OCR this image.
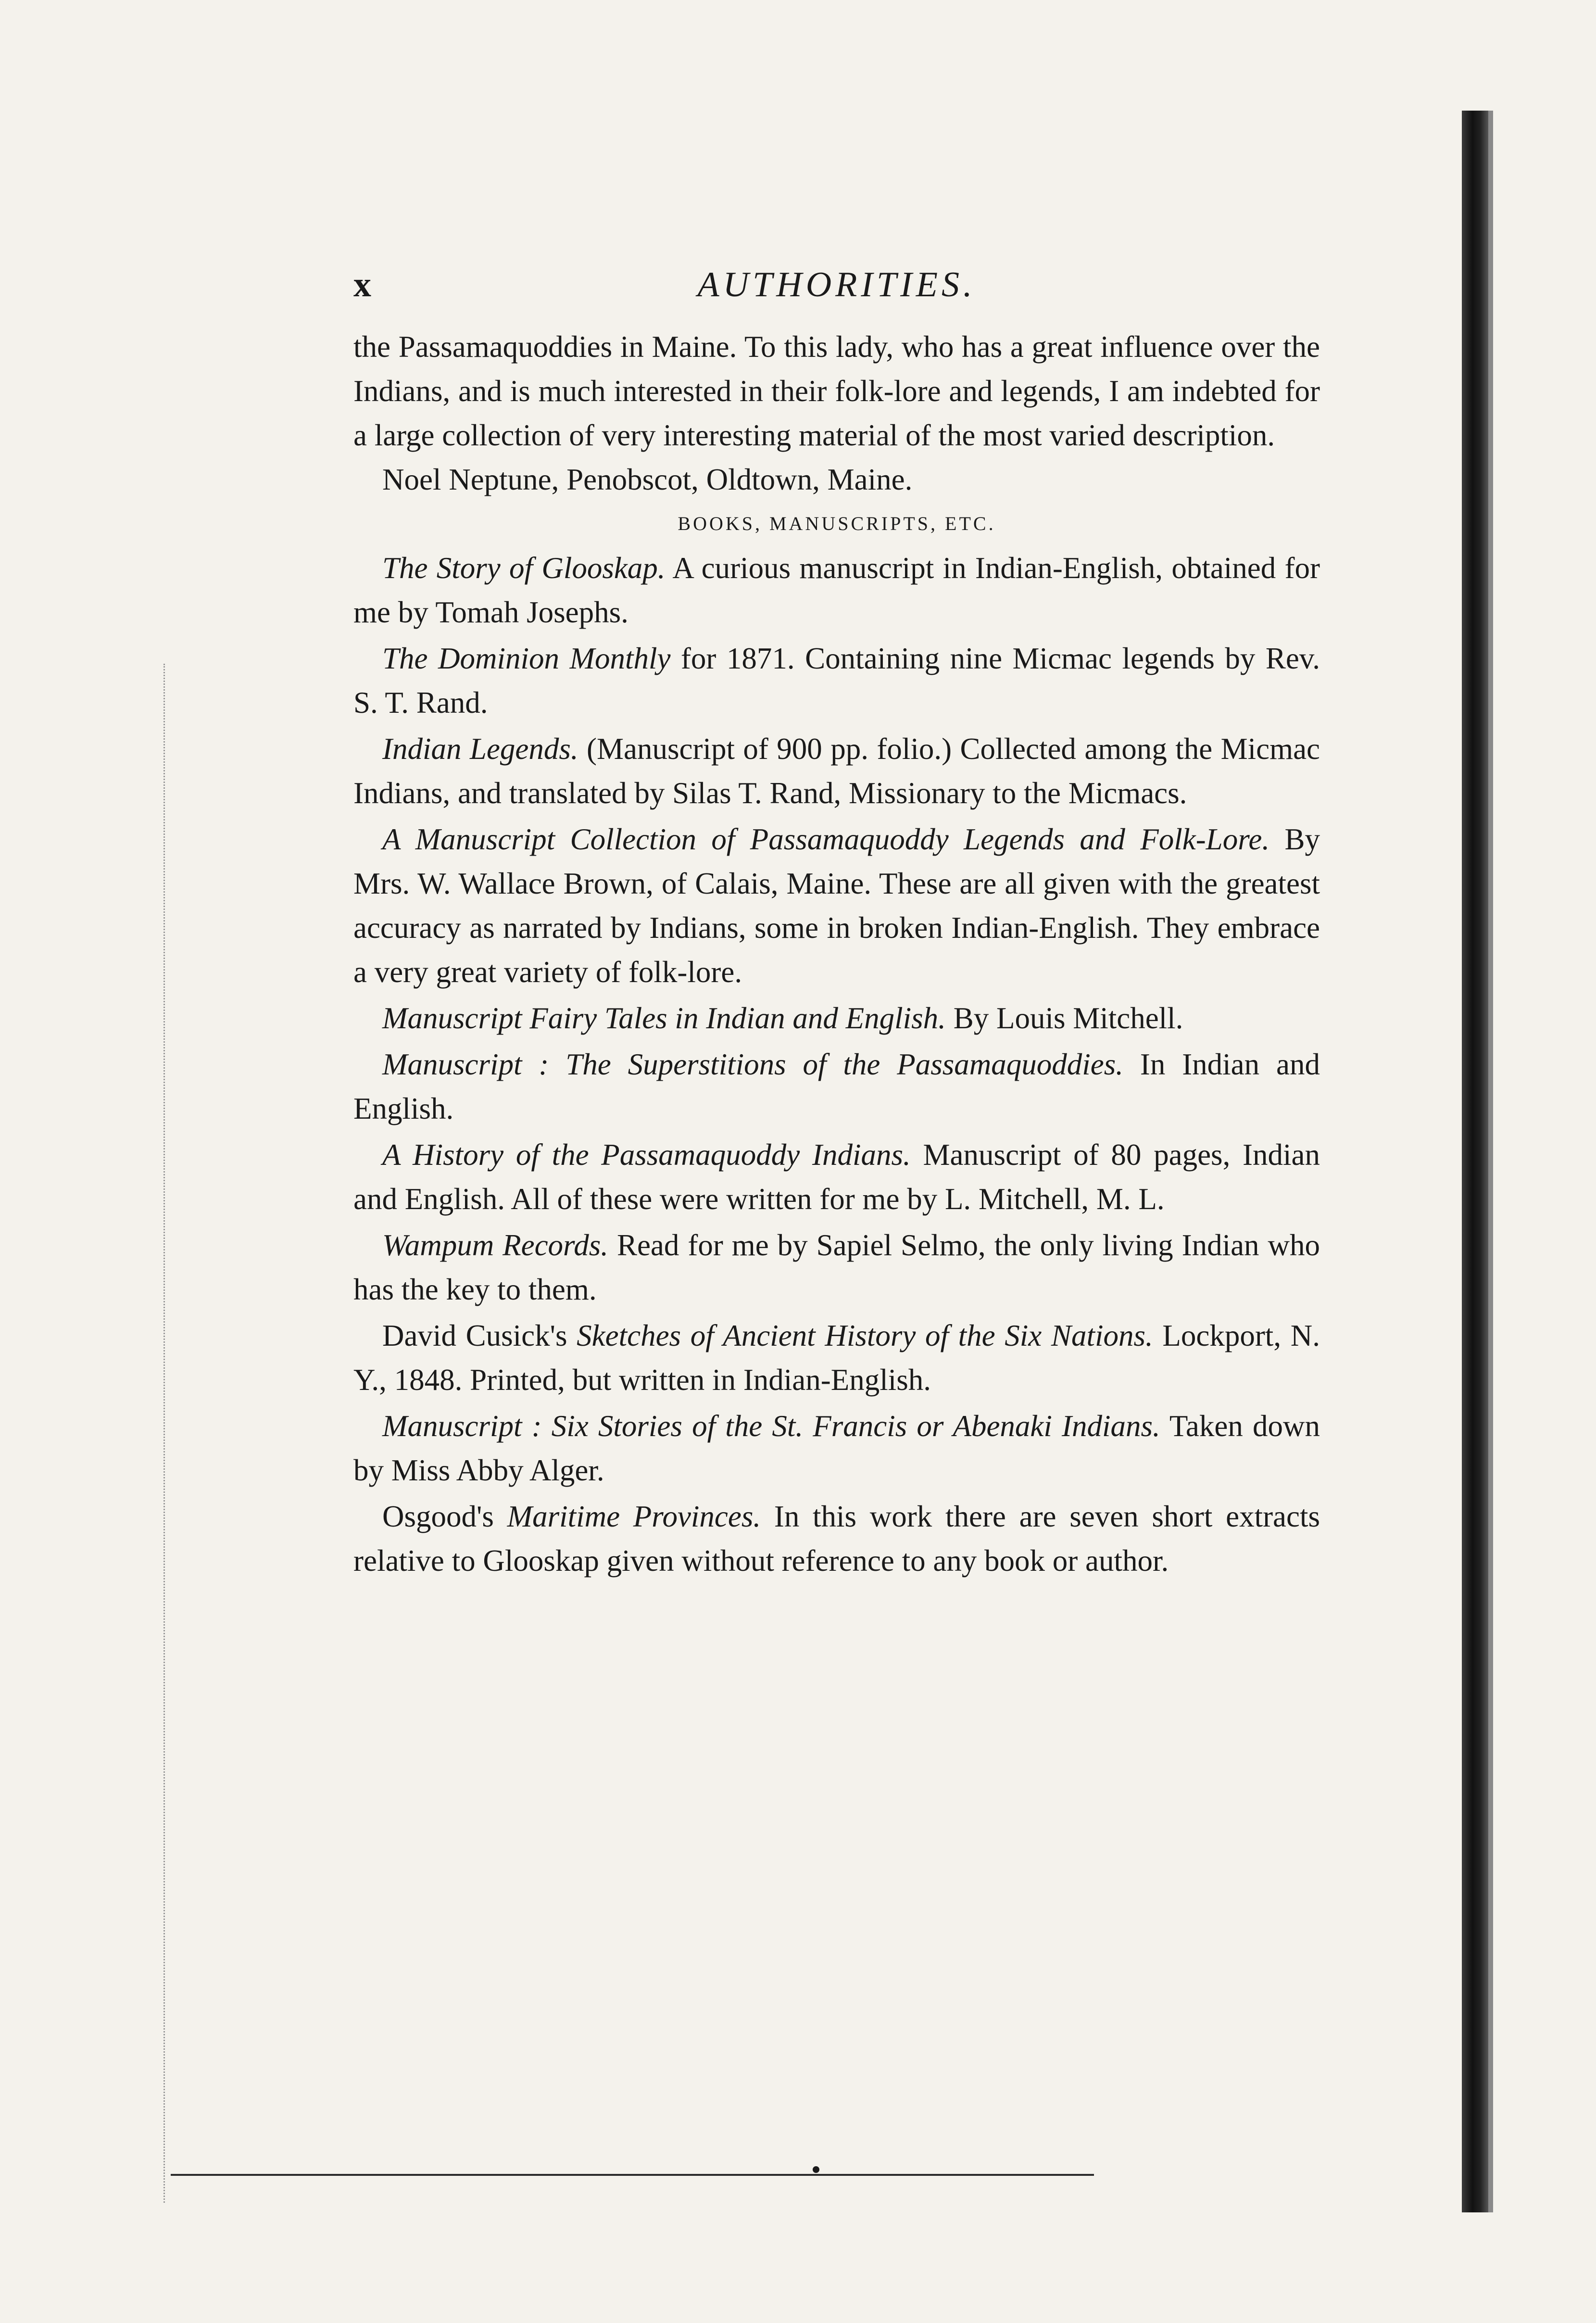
x	AUTHORITIES.

the Passamaquoddies in Maine. To this lady, who has a great influence over the Indians, and is much interested in their folk-lore and legends, I am indebted for a large collection of very interesting material of the most varied description.

Noel Neptune, Penobscot, Oldtown, Maine.

BOOKS, MANUSCRIPTS, ETC.

The Story of Glooskap. A curious manuscript in Indian-English, obtained for me by Tomah Josephs.

The Dominion Monthly for 1871. Containing nine Micmac legends by Rev. S. T. Rand.

Indian Legends. (Manuscript of 900 pp. folio.) Collected among the Micmac Indians, and translated by Silas T. Rand, Missionary to the Micmacs.

A Manuscript Collection of Passamaquoddy Legends and Folk-Lore. By Mrs. W. Wallace Brown, of Calais, Maine. These are all given with the greatest accuracy as narrated by Indians, some in broken Indian-English. They embrace a very great variety of folk-lore.

Manuscript Fairy Tales in Indian and English. By Louis Mitchell.

Manuscript : The Superstitions of the Passamaquoddies. In Indian and English.

A History of the Passamaquoddy Indians. Manuscript of 80 pages, Indian and English. All of these were written for me by L. Mitchell, M. L.

Wampum Records. Read for me by Sapiel Selmo, the only living Indian who has the key to them.

David Cusick's Sketches of Ancient History of the Six Nations. Lockport, N. Y., 1848. Printed, but written in Indian-English.

Manuscript : Six Stories of the St. Francis or Abenaki Indians. Taken down by Miss Abby Alger.

Osgood's Maritime Provinces. In this work there are seven short extracts relative to Glooskap given without reference to any book or author.
